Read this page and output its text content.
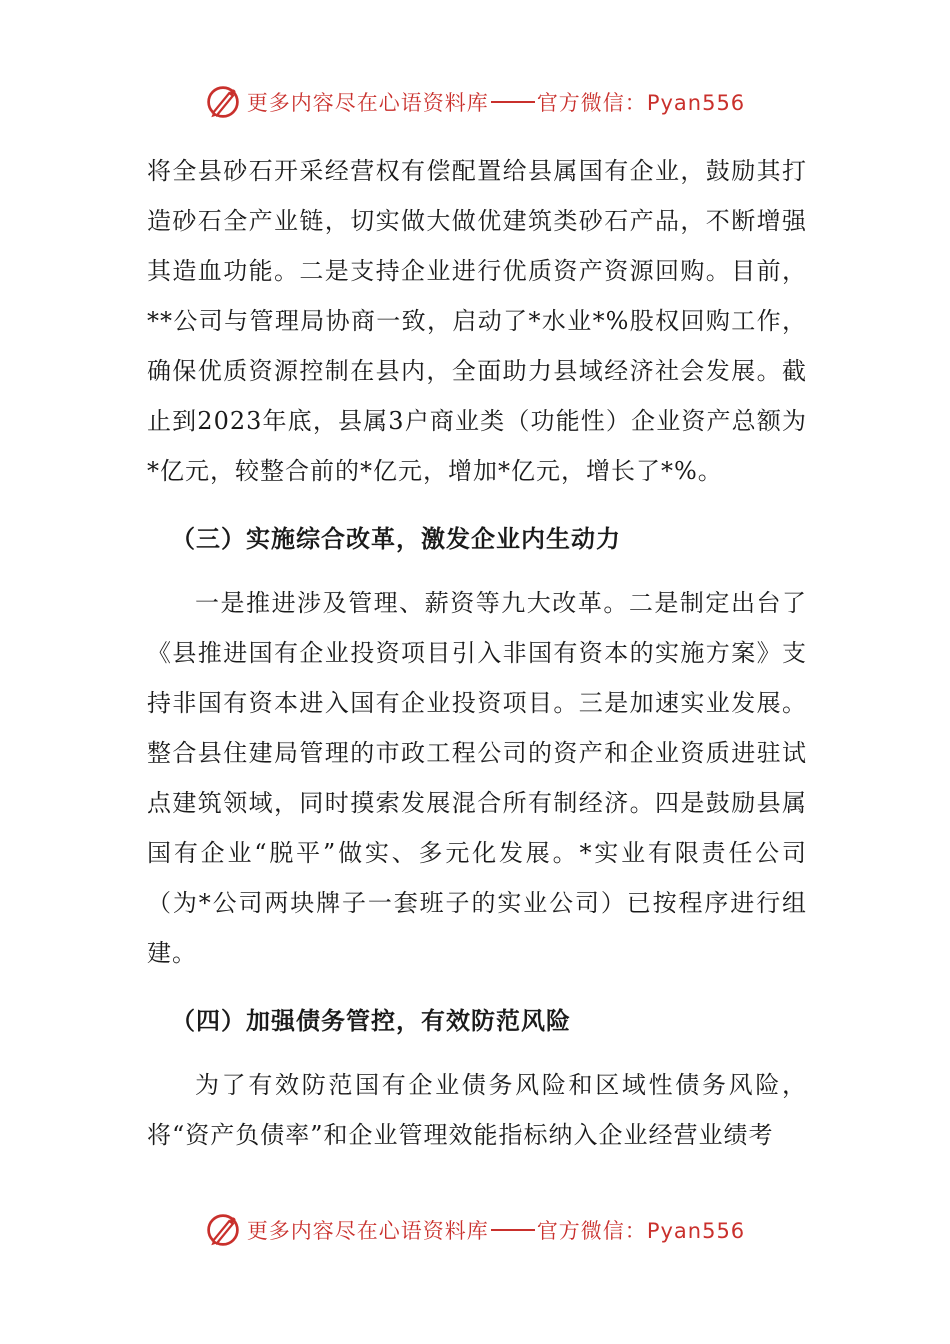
更多内容尽在心语资料库 官方微信：Pyan556

将全县砂石开采经营权有偿配置给县属国有企业，鼓励其打造砂石全产业链，切实做大做优建筑类砂石产品，不断增强其造血功能。二是支持企业进行优质资产资源回购。目前，**公司与管理局协商一致，启动了*水业*%股权回购工作，确保优质资源控制在县内，全面助力县域经济社会发展。截止到2023年底，县属3户商业类（功能性）企业资产总额为*亿元，较整合前的*亿元，增加*亿元，增长了*%。

（三）实施综合改革，激发企业内生动力

一是推进涉及管理、薪资等九大改革。二是制定出台了《县推进国有企业投资项目引入非国有资本的实施方案》支持非国有资本进入国有企业投资项目。三是加速实业发展。整合县住建局管理的市政工程公司的资产和企业资质进驻试点建筑领域，同时摸索发展混合所有制经济。四是鼓励县属国有企业“脱平”做实、多元化发展。*实业有限责任公司（为*公司两块牌子一套班子的实业公司）已按程序进行组建。

（四）加强债务管控，有效防范风险

为了有效防范国有企业债务风险和区域性债务风险，将“资产负债率”和企业管理效能指标纳入企业经营业绩考

更多内容尽在心语资料库 官方微信：Pyan556
